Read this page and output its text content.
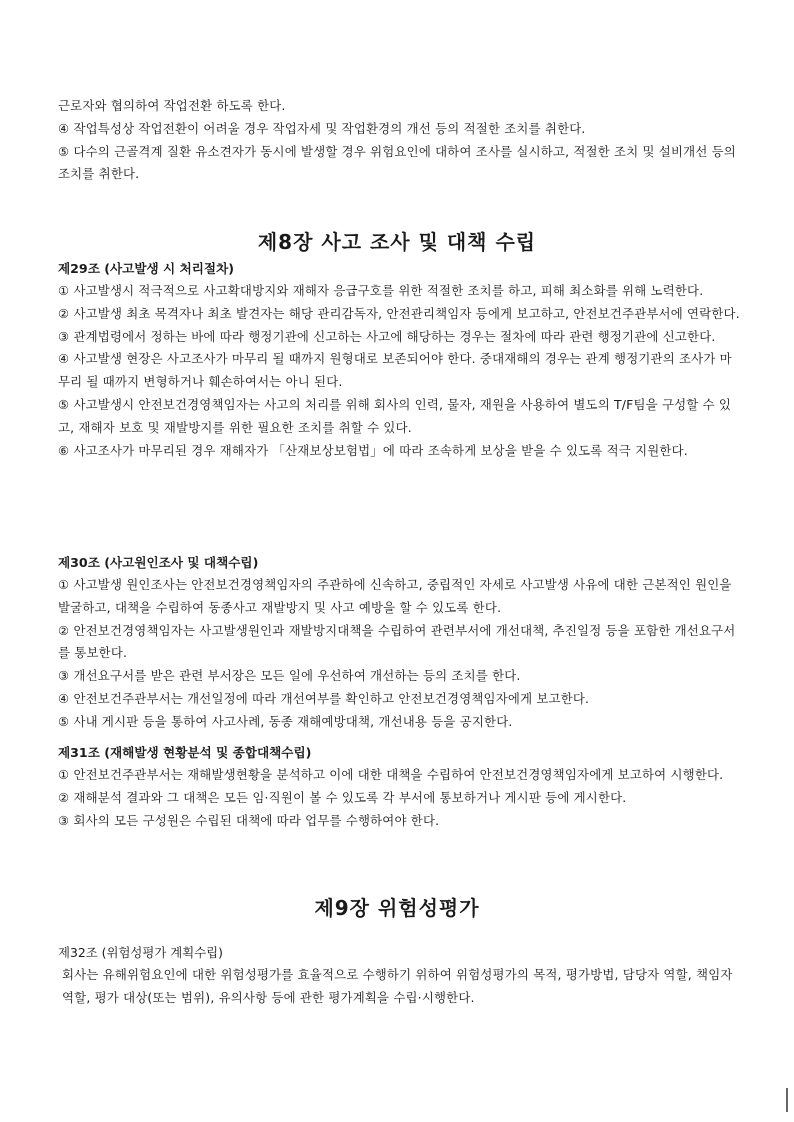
근로자와 협의하여 작업전환 하도록 한다.

④ 작업특성상 작업전환이 어려울 경우 작업자세 및 작업환경의 개선 등의 적절한 조치를 취한다.

⑤ 다수의 근골격계 질환 유소견자가 동시에 발생할 경우 위험요인에 대하여 조사를 실시하고, 적절한 조치 및 설비개선 등의 조치를 취한다.

제8장 사고 조사 및 대책 수립

제29조 (사고발생 시 처리절차)

① 사고발생시 적극적으로 사고확대방지와 재해자 응급구호를 위한 적절한 조치를 하고, 피해 최소화를 위해 노력한다.

② 사고발생 최초 목격자나 최초 발견자는 해당 관리감독자, 안전관리책임자 등에게 보고하고, 안전보건주관부서에 연락한다.

③ 관계법령에서 정하는 바에 따라 행정기관에 신고하는 사고에 해당하는 경우는 절차에 따라 관련 행정기관에 신고한다.

④ 사고발생 현장은 사고조사가 마무리 될 때까지 원형대로 보존되어야 한다. 중대재해의 경우는 관계 행정기관의 조사가 마무리 될 때까지 변형하거나 훼손하여서는 아니 된다.

⑤ 사고발생시 안전보건경영책임자는 사고의 처리를 위해 회사의 인력, 물자, 재원을 사용하여 별도의 T/F팀을 구성할 수 있고, 재해자 보호 및 재발방지를 위한 필요한 조치를 취할 수 있다.

⑥ 사고조사가 마무리된 경우 재해자가 「산재보상보험법」에 따라 조속하게 보상을 받을 수 있도록 적극 지원한다.

제30조 (사고원인조사 및 대책수립)

① 사고발생 원인조사는 안전보건경영책임자의 주관하에 신속하고, 중립적인 자세로 사고발생 사유에 대한 근본적인 원인을 발굴하고, 대책을 수립하여 동종사고 재발방지 및 사고 예방을 할 수 있도록 한다.

② 안전보건경영책임자는 사고발생원인과 재발방지대책을 수립하여 관련부서에 개선대책, 추진일정 등을 포함한 개선요구서를 통보한다.

③ 개선요구서를 받은 관련 부서장은 모든 일에 우선하여 개선하는 등의 조치를 한다.

④ 안전보건주관부서는 개선일정에 따라 개선여부를 확인하고 안전보건경영책임자에게 보고한다.

⑤ 사내 게시판 등을 통하여 사고사례, 동종 재해예방대책, 개선내용 등을 공지한다.

제31조 (재해발생 현황분석 및 종합대책수립)

① 안전보건주관부서는 재해발생현황을 분석하고 이에 대한 대책을 수립하여 안전보건경영책임자에게 보고하여 시행한다.

② 재해분석 결과와 그 대책은 모든 임·직원이 볼 수 있도록 각 부서에 통보하거나 게시판 등에 게시한다.

③ 회사의 모든 구성원은 수립된 대책에 따라 업무를 수행하여야 한다.

제9장 위험성평가

제32조 (위험성평가 계획수립)

회사는 유해위험요인에 대한 위험성평가를 효율적으로 수행하기 위하여 위험성평가의 목적, 평가방법, 담당자 역할, 책임자 역할, 평가 대상(또는 범위), 유의사항 등에 관한 평가계획을 수립·시행한다.
